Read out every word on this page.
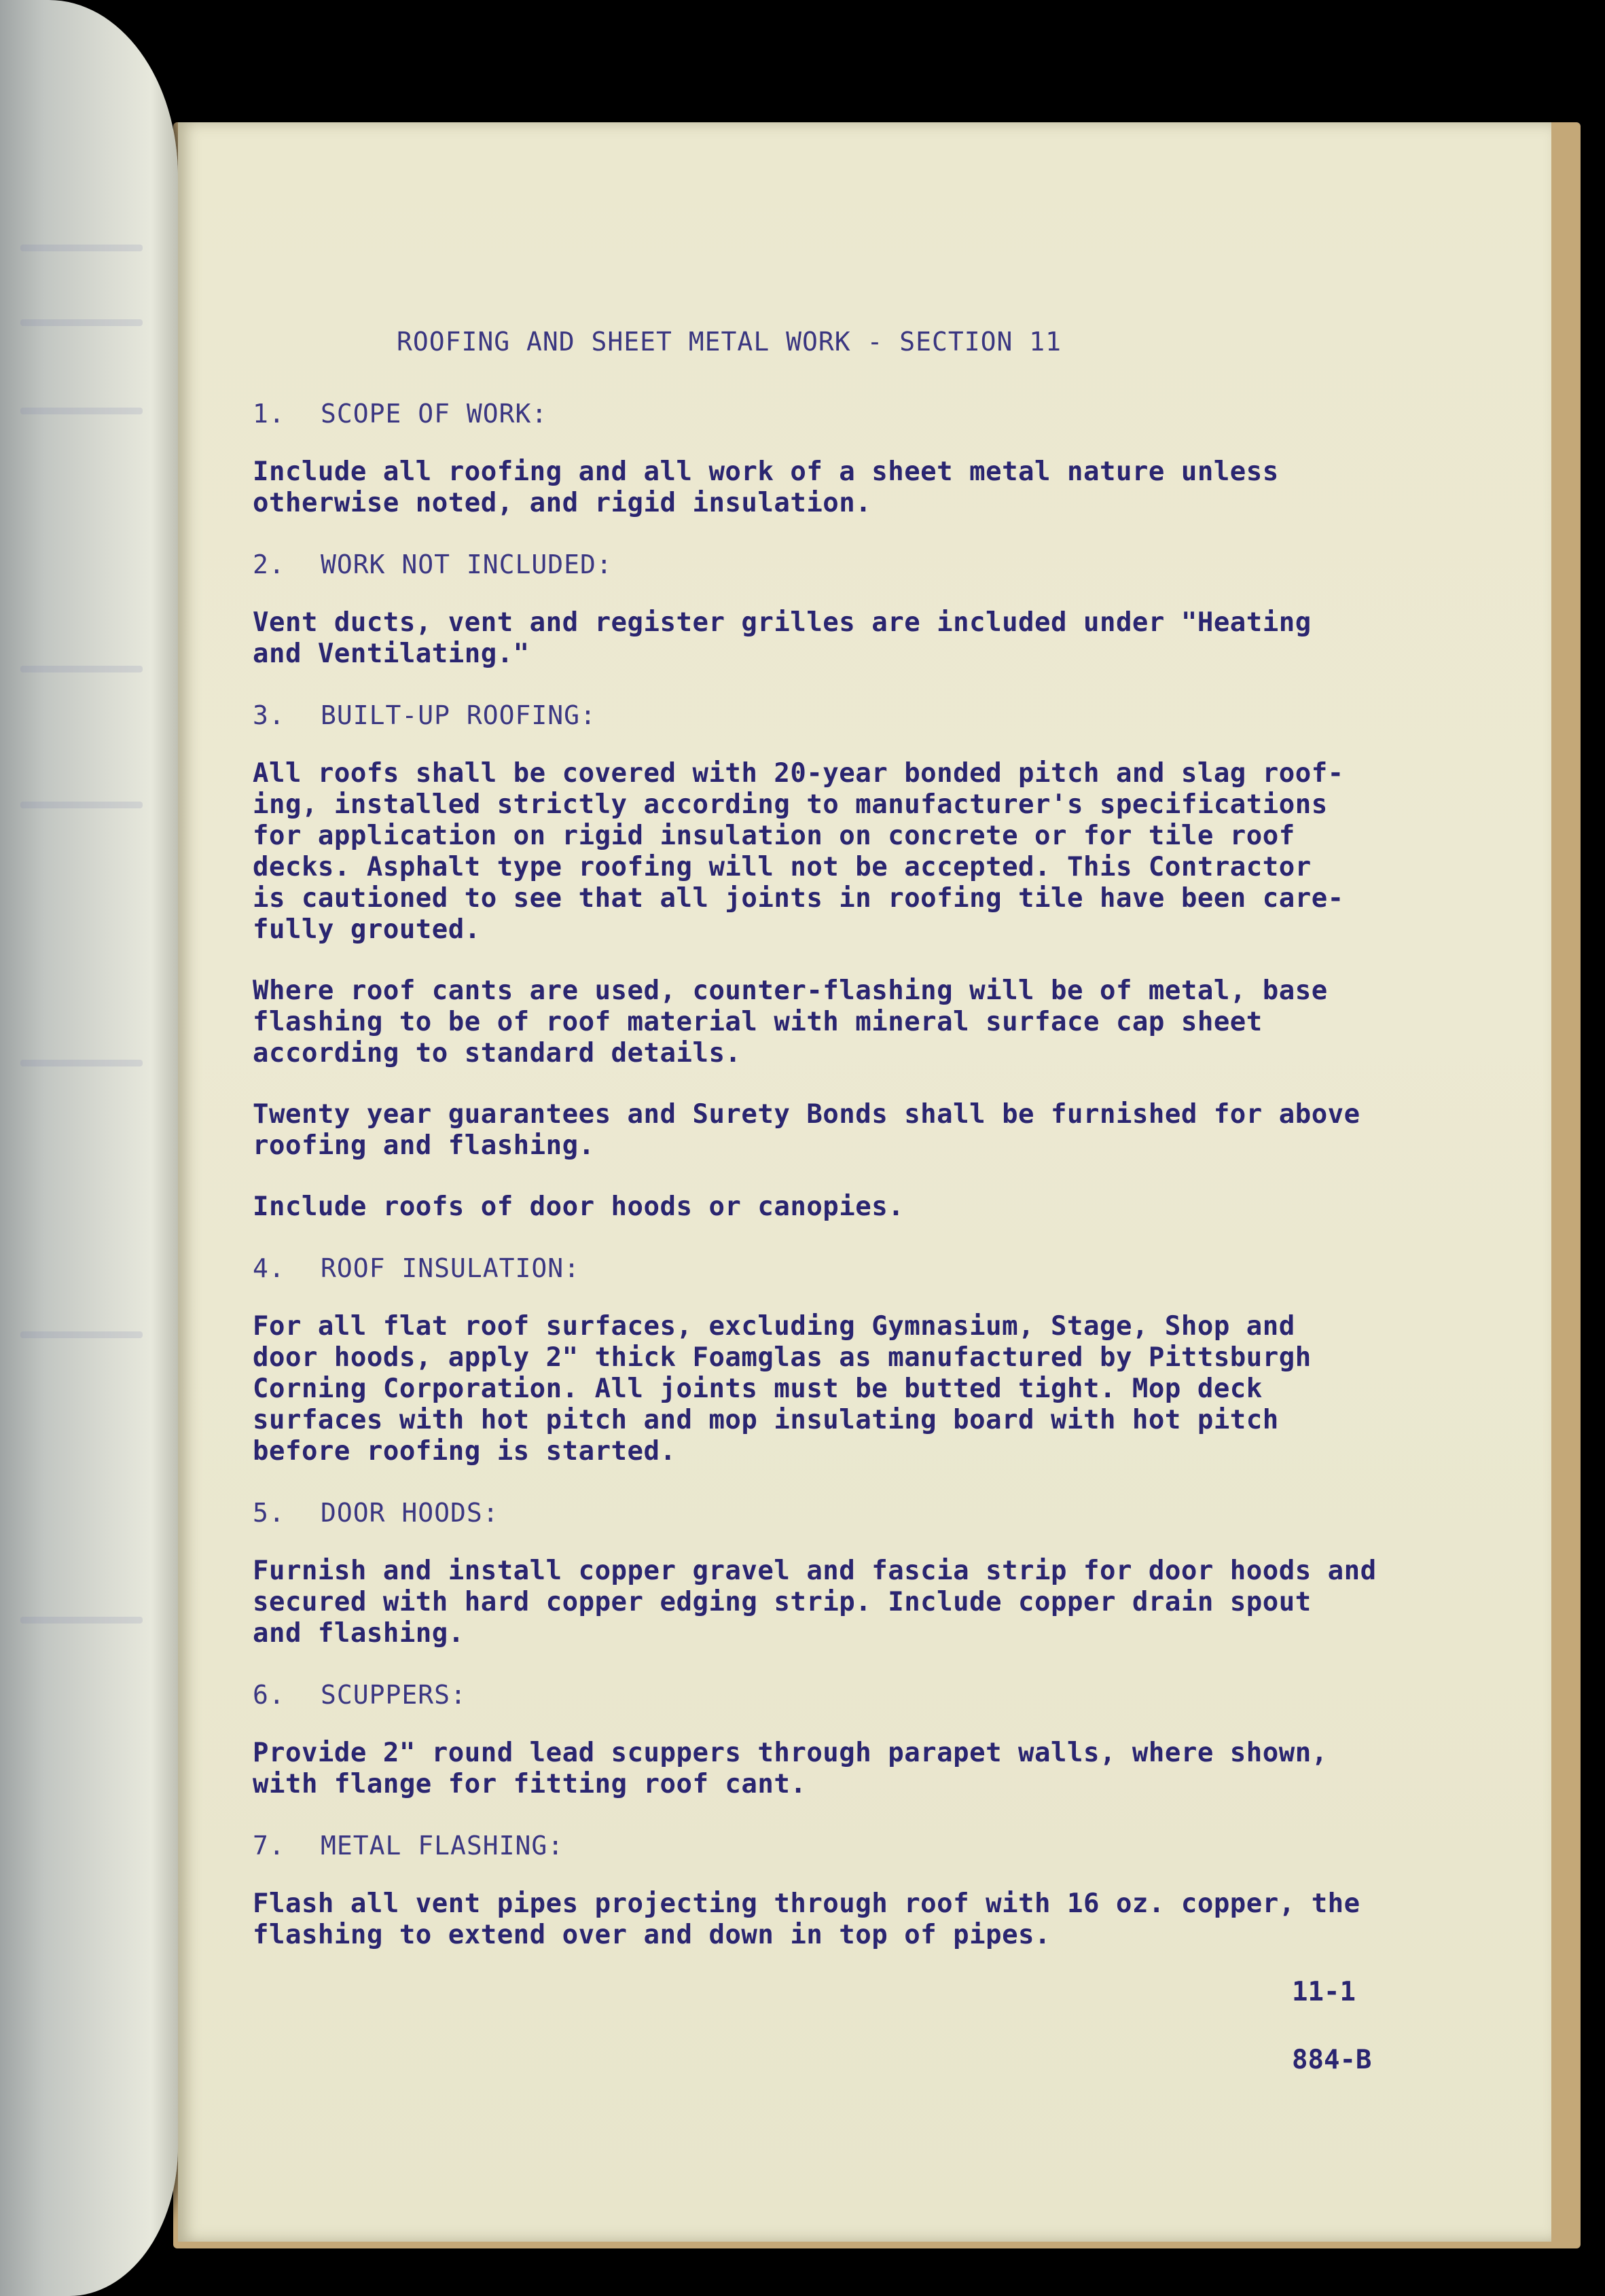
ROOFING AND SHEET METAL WORK - SECTION 11
1. SCOPE OF WORK:
Include all roofing and all work of a sheet metal nature unless
otherwise noted, and rigid insulation.
2. WORK NOT INCLUDED:
Vent ducts, vent and register grilles are included under "Heating
and Ventilating."
3. BUILT-UP ROOFING:
All roofs shall be covered with 20-year bonded pitch and slag roof-
ing, installed strictly according to manufacturer's specifications
for application on rigid insulation on concrete or for tile roof
decks. Asphalt type roofing will not be accepted. This Contractor
is cautioned to see that all joints in roofing tile have been care-
fully grouted.
Where roof cants are used, counter-flashing will be of metal, base
flashing to be of roof material with mineral surface cap sheet
according to standard details.
Twenty year guarantees and Surety Bonds shall be furnished for above
roofing and flashing.
Include roofs of door hoods or canopies.
4. ROOF INSULATION:
For all flat roof surfaces, excluding Gymnasium, Stage, Shop and
door hoods, apply 2" thick Foamglas as manufactured by Pittsburgh
Corning Corporation. All joints must be butted tight. Mop deck
surfaces with hot pitch and mop insulating board with hot pitch
before roofing is started.
5. DOOR HOODS:
Furnish and install copper gravel and fascia strip for door hoods and
secured with hard copper edging strip. Include copper drain spout
and flashing.
6. SCUPPERS:
Provide 2" round lead scuppers through parapet walls, where shown,
with flange for fitting roof cant.
7. METAL FLASHING:
Flash all vent pipes projecting through roof with 16 oz. copper, the
flashing to extend over and down in top of pipes.
11-1
884-B
